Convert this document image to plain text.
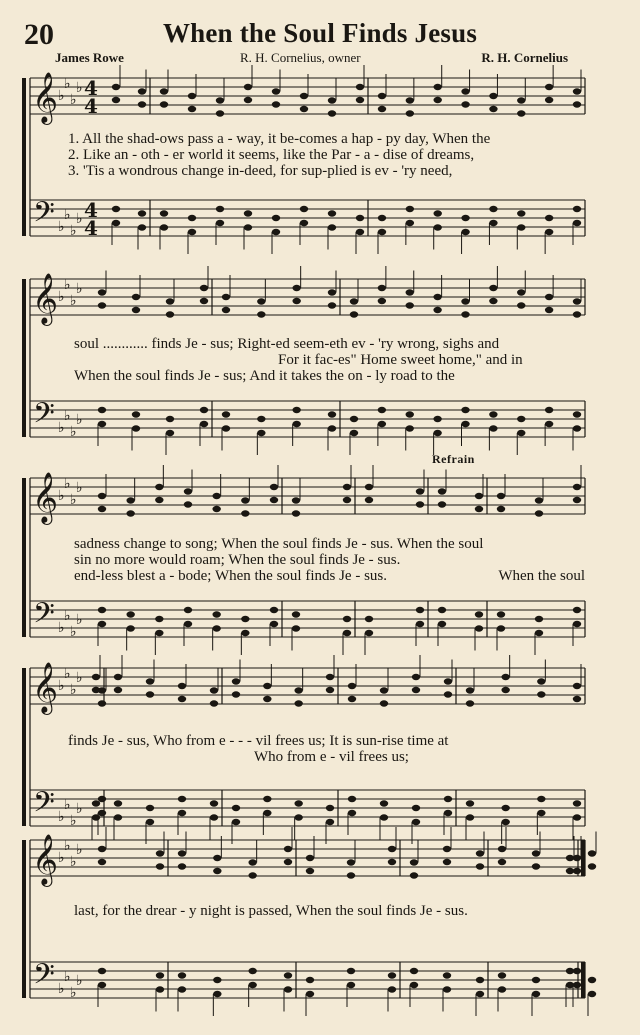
20	When the Soul Finds Jesus
James Rowe	R. H. Cornelius, owner	R. H. Cornelius
𝄞
𝄢
♭
♭
♭
♭
♭
♭
♭
♭
4
4
4
4
𝄞
𝄢
♭
♭
♭
♭
♭
♭
♭
♭
𝄞
𝄢
♭
♭
♭
♭
♭
♭
♭
♭
𝄞
𝄢
♭
♭
♭
♭
♭
♭
♭
♭
𝄞
𝄢
♭
♭
♭
♭
♭
♭
♭
♭
1. All the shad-ows pass a - way, it be-comes a hap - py day, When the
2. Like an - oth - er world it seems, like the Par - a - dise of dreams,
3. 'Tis a wondrous change in-deed, for sup-plied is ev - 'ry need,
soul ............ finds Je - sus; Right-ed seem-eth ev - 'ry wrong, sighs and
For it fac-es" Home sweet home," and in
When the soul finds Je - sus; And it takes the on - ly road to the
Refrain
sadness change to song; When the soul finds Je - sus. When the soul
sin no more would roam; When the soul finds Je - sus.
end-less blest a - bode; When the soul finds Je - sus.	When the soul
finds Je - sus, Who from e - - - vil frees us; It is sun-rise time at
Who from e - vil frees us;
last, for the drear - y night is passed, When the soul finds Je - sus.
